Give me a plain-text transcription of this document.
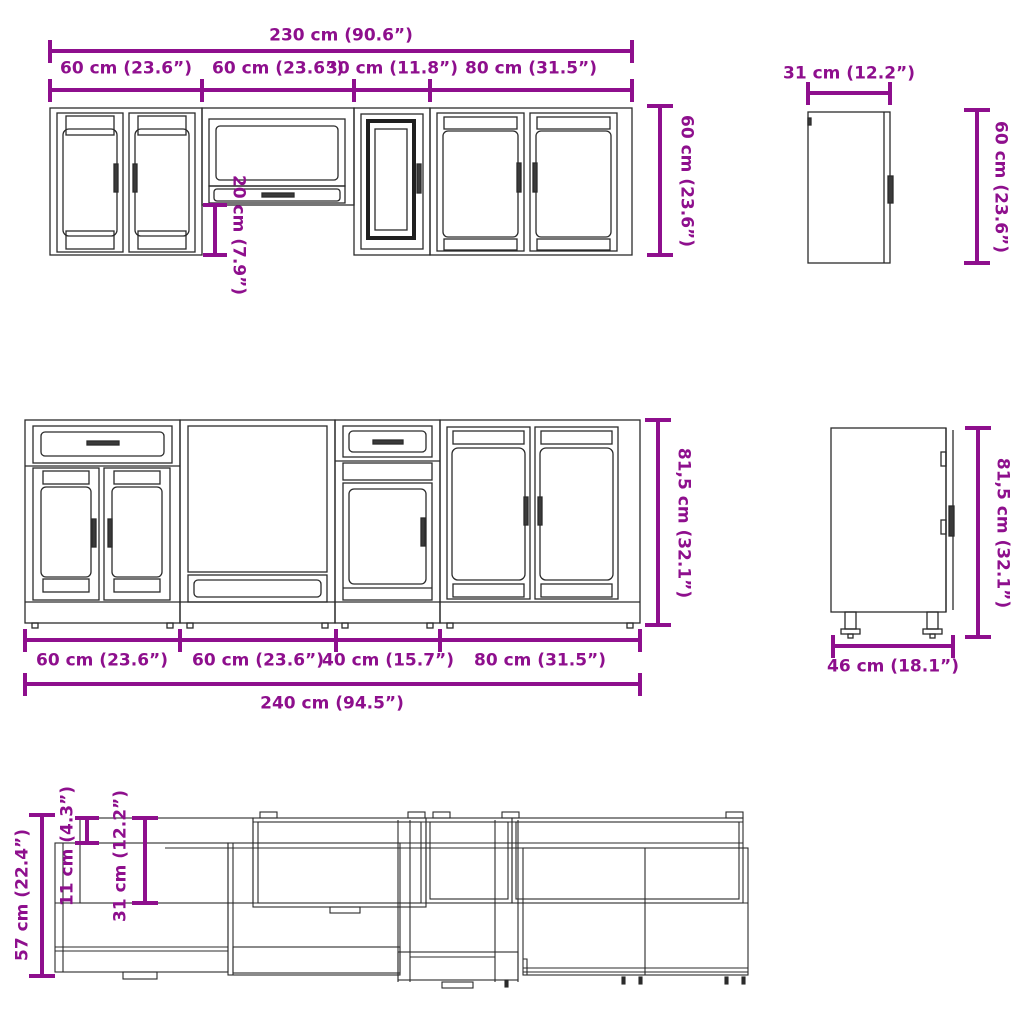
230 cm (90.6”)
60 cm (23.6”) 60 cm (23.6”)
30 cm (11.8”) 80 cm (31.5”)
60 cm (23.6”)
20 cm (7.9”)
31 cm (12.2”)
60 cm (23.6”)
81,5 cm (32.1”)
60 cm (23.6”) 60 cm (23.6”)
40 cm (15.7”) 80 cm (31.5”)
240 cm (94.5”)
46 cm (18.1”)
81,5 cm (32.1”)
57 cm (22.4”) 11 cm (4.3”) 31 cm (12.2”)
